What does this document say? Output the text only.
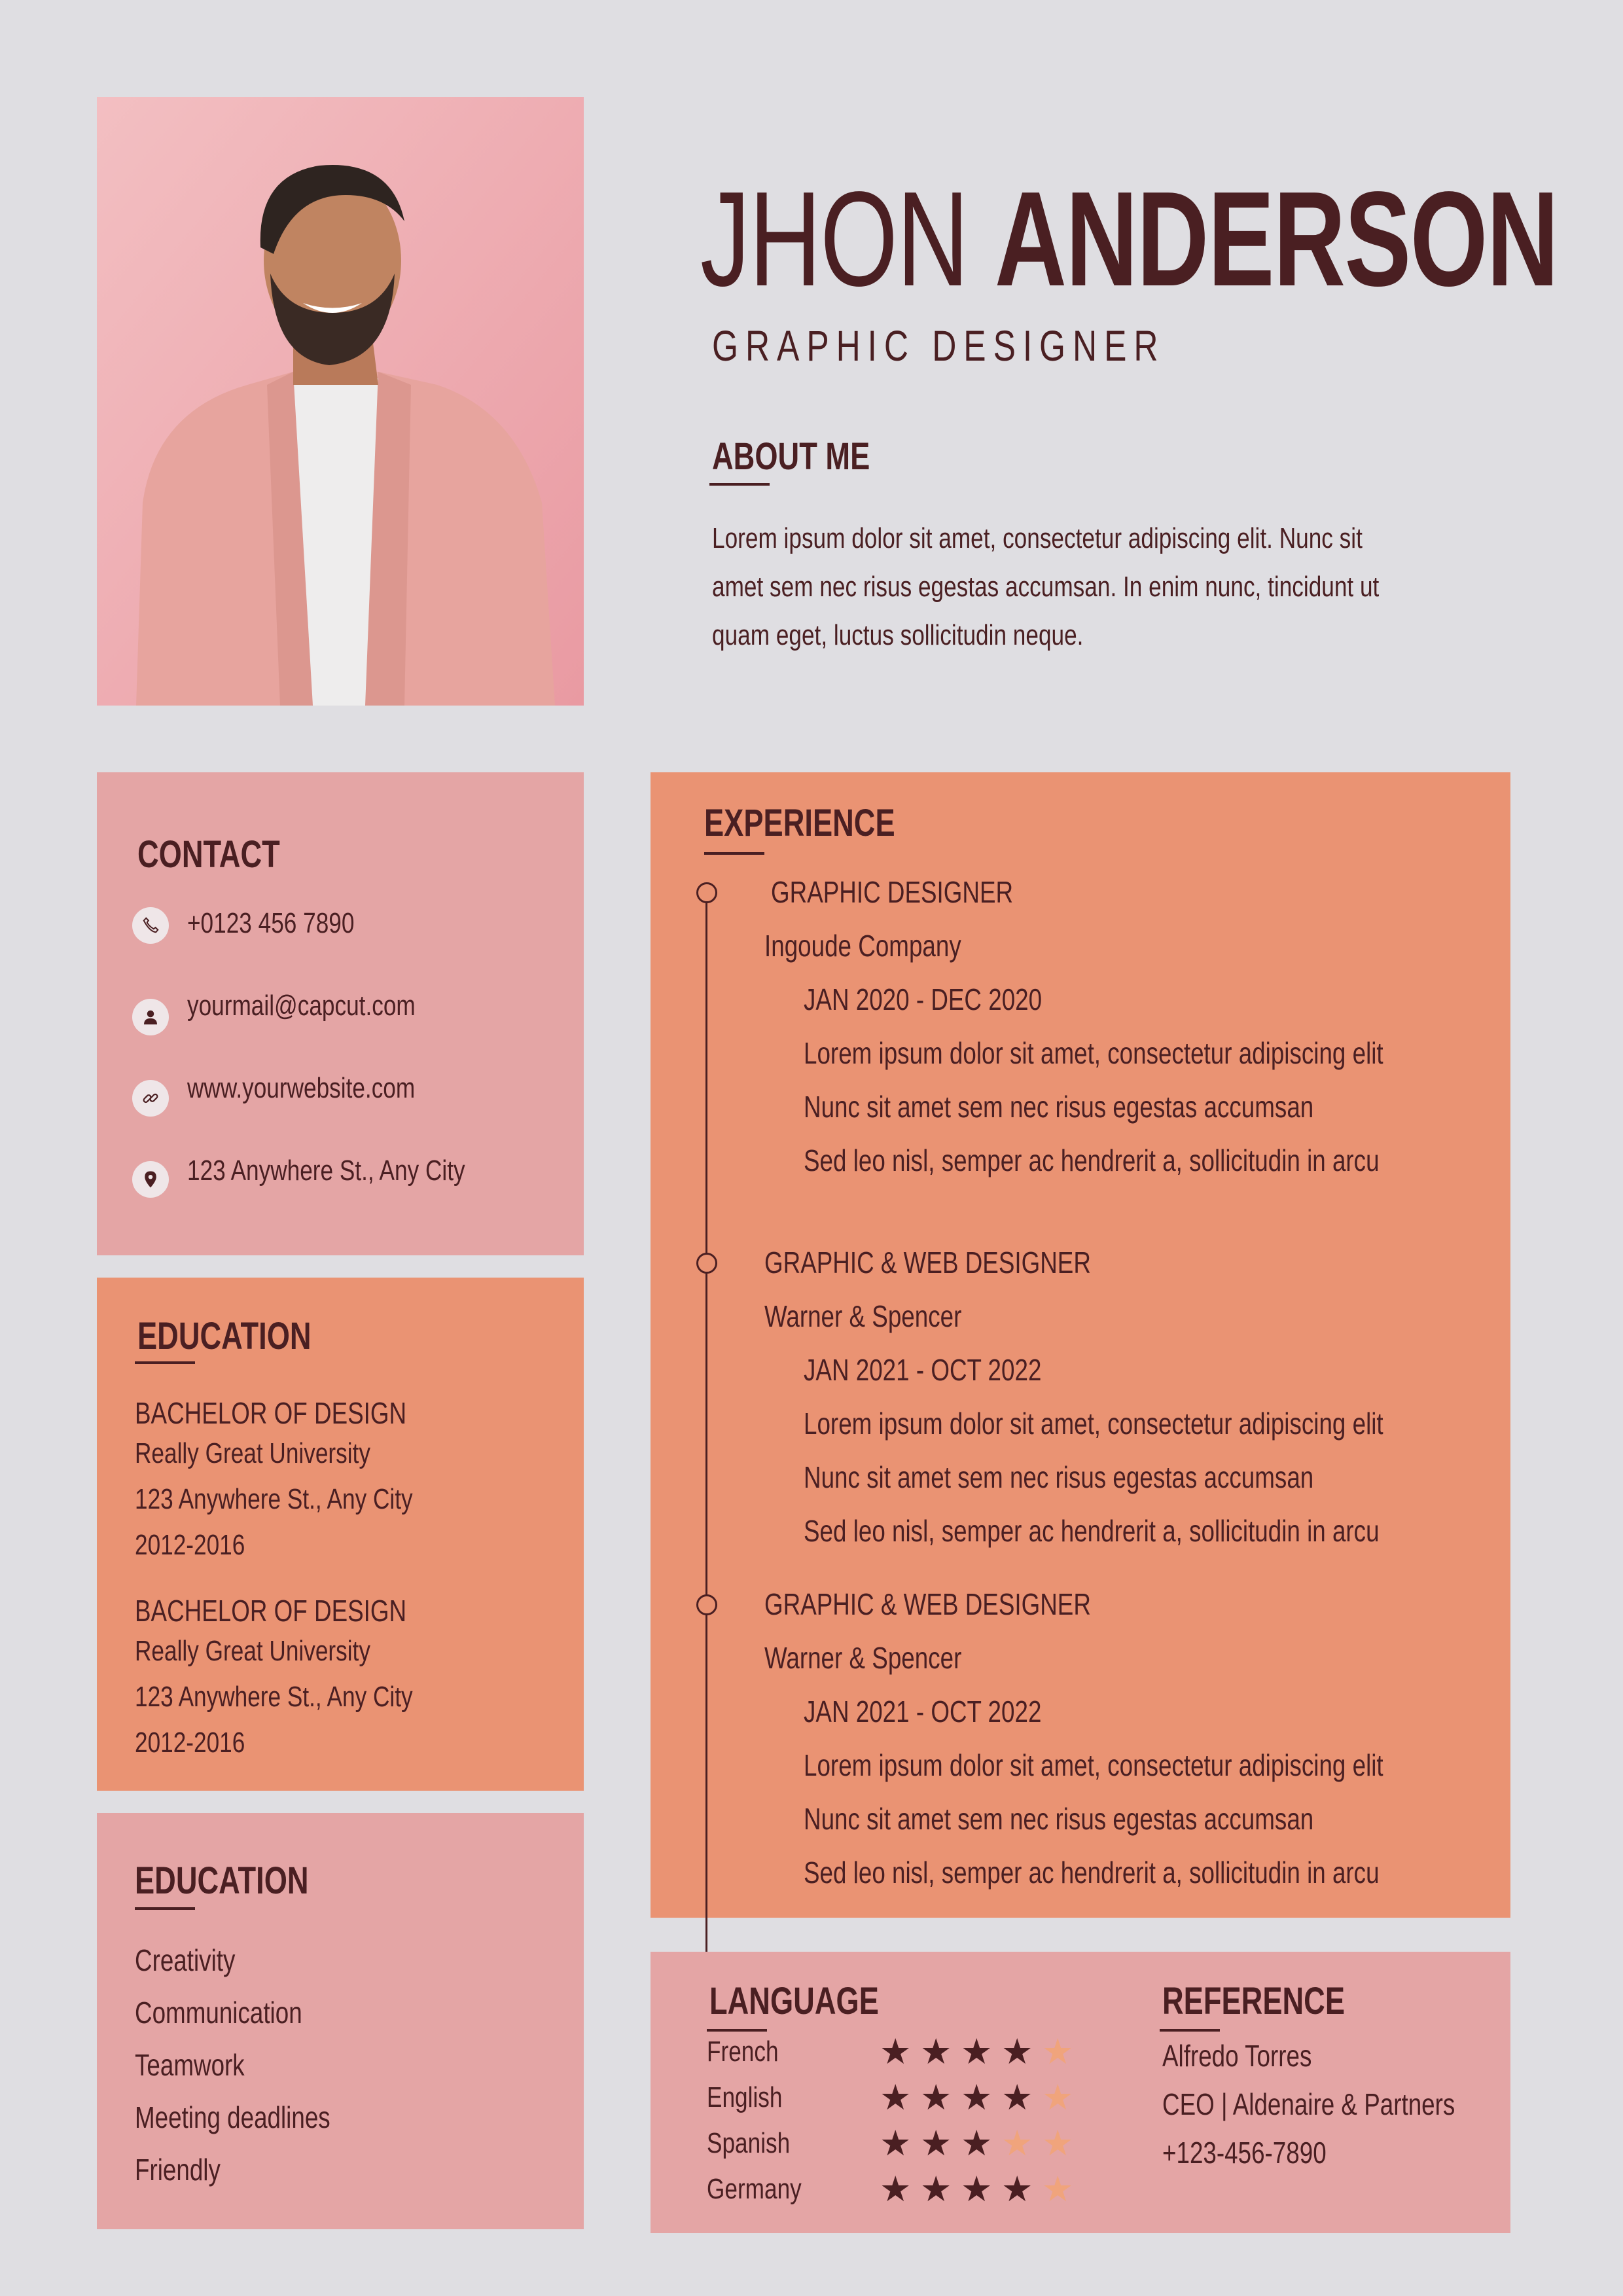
JHON ANDERSON
GRAPHIC DESIGNER
ABOUT ME
Lorem ipsum dolor sit amet, consectetur adipiscing elit. Nunc sit
amet sem nec risus egestas accumsan. In enim nunc, tincidunt ut
quam eget, luctus sollicitudin neque.
CONTACT
+0123 456 7890
yourmail@capcut.com
www.yourwebsite.com
123 Anywhere St., Any City
EDUCATION
BACHELOR OF DESIGN
Really Great University
123 Anywhere St., Any City
2012-2016
BACHELOR OF DESIGN
Really Great University
123 Anywhere St., Any City
2012-2016
EDUCATION
Creativity
Communication
Teamwork
Meeting deadlines
Friendly
EXPERIENCE
GRAPHIC DESIGNER
Ingoude Company
JAN 2020 - DEC 2020
Lorem ipsum dolor sit amet, consectetur adipiscing elit
Nunc sit amet sem nec risus egestas accumsan
Sed leo nisl, semper ac hendrerit a, sollicitudin in arcu
GRAPHIC & WEB DESIGNER
Warner & Spencer
JAN 2021 - OCT 2022
Lorem ipsum dolor sit amet, consectetur adipiscing elit
Nunc sit amet sem nec risus egestas accumsan
Sed leo nisl, semper ac hendrerit a, sollicitudin in arcu
GRAPHIC & WEB DESIGNER
Warner & Spencer
JAN 2021 - OCT 2022
Lorem ipsum dolor sit amet, consectetur adipiscing elit
Nunc sit amet sem nec risus egestas accumsan
Sed leo nisl, semper ac hendrerit a, sollicitudin in arcu
LANGUAGE
French
English
Spanish
Germany
★ ★ ★ ★ ★
★ ★ ★ ★ ★
★ ★ ★ ★ ★
★ ★ ★ ★ ★
REFERENCE
Alfredo Torres
CEO | Aldenaire & Partners
+123-456-7890
